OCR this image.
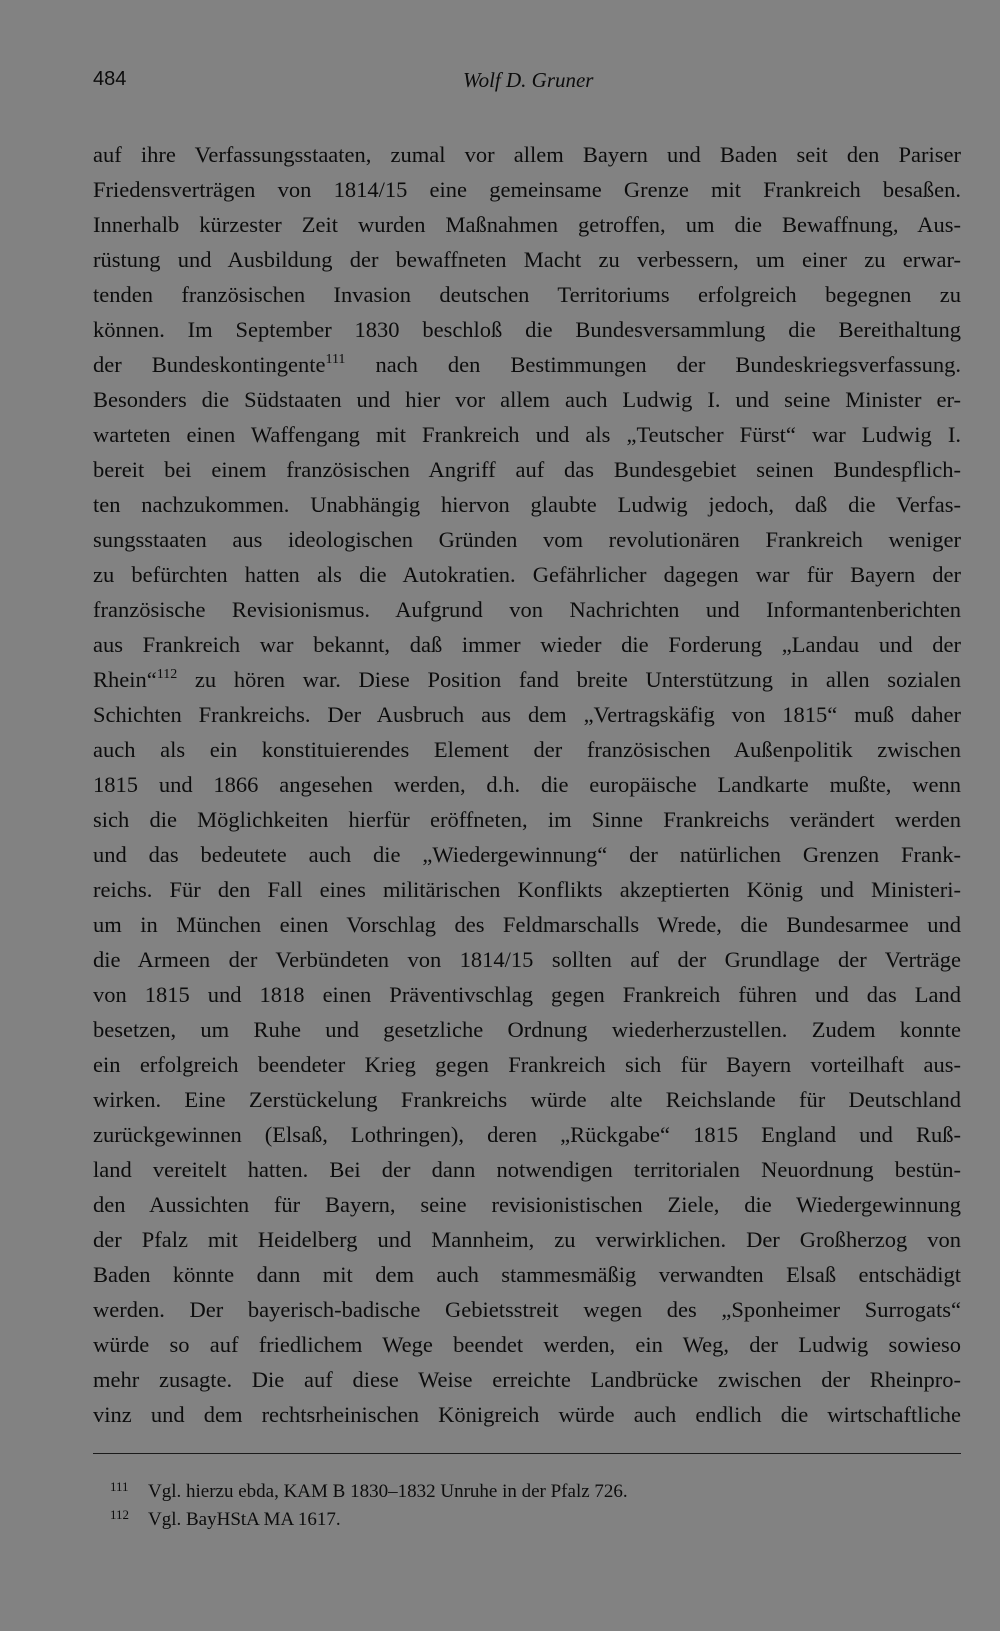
484	Wolf D. Gruner
auf ihre Verfassungsstaaten, zumal vor allem Bayern und Baden seit den Pariser
Friedensverträgen von 1814/15 eine gemeinsame Grenze mit Frankreich besaßen.
Innerhalb kürzester Zeit wurden Maßnahmen getroffen, um die Bewaffnung, Aus-
rüstung und Ausbildung der bewaffneten Macht zu verbessern, um einer zu erwar-
tenden französischen Invasion deutschen Territoriums erfolgreich begegnen zu
können. Im September 1830 beschloß die Bundesversammlung die Bereithaltung
der Bundeskontingente$^{111}$ nach den Bestimmungen der Bundeskriegsverfassung.
Besonders die Südstaaten und hier vor allem auch Ludwig I. und seine Minister er-
warteten einen Waffengang mit Frankreich und als „Teutscher Fürst“ war Ludwig I.
bereit bei einem französischen Angriff auf das Bundesgebiet seinen Bundespflich-
ten nachzukommen. Unabhängig hiervon glaubte Ludwig jedoch, daß die Verfas-
sungsstaaten aus ideologischen Gründen vom revolutionären Frankreich weniger
zu befürchten hatten als die Autokratien. Gefährlicher dagegen war für Bayern der
französische Revisionismus. Aufgrund von Nachrichten und Informantenberichten
aus Frankreich war bekannt, daß immer wieder die Forderung „Landau und der
Rhein“$^{112}$ zu hören war. Diese Position fand breite Unterstützung in allen sozialen
Schichten Frankreichs. Der Ausbruch aus dem „Vertragskäfig von 1815“ muß daher
auch als ein konstituierendes Element der französischen Außenpolitik zwischen
1815 und 1866 angesehen werden, d.h. die europäische Landkarte mußte, wenn
sich die Möglichkeiten hierfür eröffneten, im Sinne Frankreichs verändert werden
und das bedeutete auch die „Wiedergewinnung“ der natürlichen Grenzen Frank-
reichs. Für den Fall eines militärischen Konflikts akzeptierten König und Ministeri-
um in München einen Vorschlag des Feldmarschalls Wrede, die Bundesarmee und
die Armeen der Verbündeten von 1814/15 sollten auf der Grundlage der Verträge
von 1815 und 1818 einen Präventivschlag gegen Frankreich führen und das Land
besetzen, um Ruhe und gesetzliche Ordnung wiederherzustellen. Zudem konnte
ein erfolgreich beendeter Krieg gegen Frankreich sich für Bayern vorteilhaft aus-
wirken. Eine Zerstückelung Frankreichs würde alte Reichslande für Deutschland
zurückgewinnen (Elsaß, Lothringen), deren „Rückgabe“ 1815 England und Ruß-
land vereitelt hatten. Bei der dann notwendigen territorialen Neuordnung bestün-
den Aussichten für Bayern, seine revisionistischen Ziele, die Wiedergewinnung
der Pfalz mit Heidelberg und Mannheim, zu verwirklichen. Der Großherzog von
Baden könnte dann mit dem auch stammesmäßig verwandten Elsaß entschädigt
werden. Der bayerisch-badische Gebietsstreit wegen des „Sponheimer Surrogats“
würde so auf friedlichem Wege beendet werden, ein Weg, der Ludwig sowieso
mehr zusagte. Die auf diese Weise erreichte Landbrücke zwischen der Rheinpro-
vinz und dem rechtsrheinischen Königreich würde auch endlich die wirtschaftliche
111 Vgl. hierzu ebda, KAM B 1830–1832 Unruhe in der Pfalz 726.
112 Vgl. BayHStA MA 1617.
